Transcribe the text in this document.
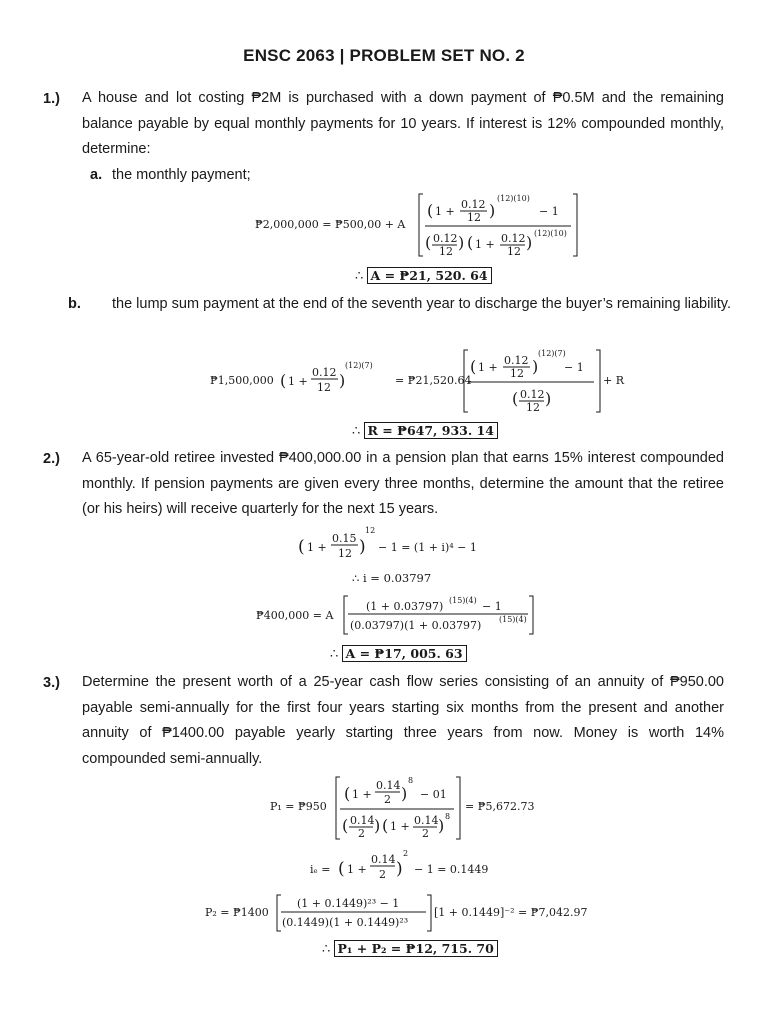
ENSC 2063 | PROBLEM SET NO. 2
1.) A house and lot costing ₱2M is purchased with a down payment of ₱0.5M and the remaining balance payable by equal monthly payments for 10 years. If interest is 12% compounded monthly, determine:

a. the monthly payment;
₱2,000,000 = ₱500,00 + A
( 1 +
0.12
12 )
(12)(10)
− 1
( 0.12
12 ) ( 1 + 0.12
12 ) (12)(10)
∴ A = ₱21, 520. 64
b. the lump sum payment at the end of the seventh year to discharge the buyer’s remaining liability.
₱1,500,000 ( 1 +
0.12
12 )
(12)(7)
= ₱21,520.64
( 1 +
0.12
12 )
(12)(7)
− 1
( 0.12
12 )
+ R
∴ R = ₱647, 933. 14
2.) A 65-year-old retiree invested ₱400,000.00 in a pension plan that earns 15% interest compounded monthly. If pension payments are given every three months, determine the amount that the retiree (or his heirs) will receive quarterly for the next 15 years.

( 1 +
0.15
12 )
12
− 1 = (1 + i)⁴ − 1
∴ i = 0.03797
₱400,000 = A
(1 + 0.03797) (15)(4) − 1
(0.03797)(1 + 0.03797) (15)(4)
∴ A = ₱17, 005. 63
3.) Determine the present worth of a 25-year cash flow series consisting of an annuity of ₱950.00 payable semi-annually for the first four years starting six months from the present and another annuity of ₱1400.00 payable yearly starting three years from now. Money is worth 14% compounded semi-annually.

P₁ = ₱950
( 1 +
0.14
2 )
8
− 01
( 0.14
2 ) ( 1 + 0.14
2 ) 8
= ₱5,672.73
iₑ = ( 1 +
0.14
2 )
2
− 1 = 0.1449
P₂ = ₱1400
(1 + 0.1449)²³ − 1
(0.1449)(1 + 0.1449)²³
[1 + 0.1449]⁻² = ₱7,042.97
∴ P₁ + P₂ = ₱12, 715. 70
